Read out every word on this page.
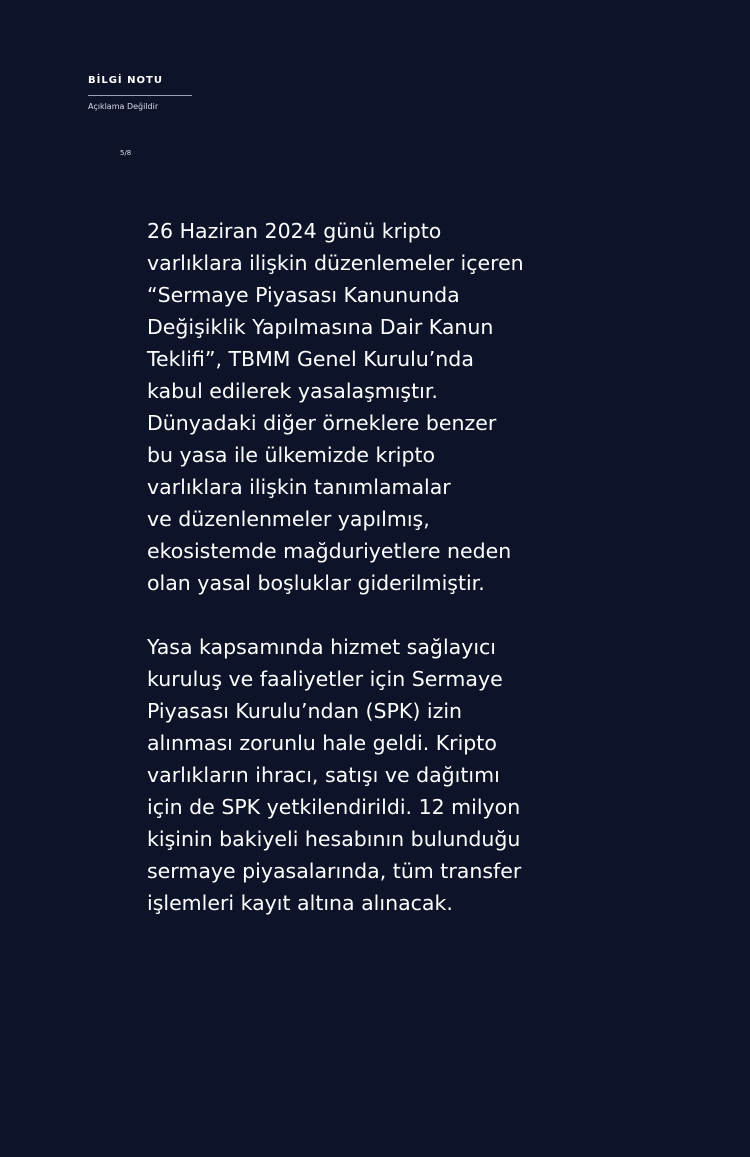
BİLGİ NOTU
Açıklama Değildir
5/8

26 Haziran 2024 günü kripto
varlıklara ilişkin düzenlemeler içeren
“Sermaye Piyasası Kanununda
Değişiklik Yapılmasına Dair Kanun
Teklifi”, TBMM Genel Kurulu’nda
kabul edilerek yasalaşmıştır.
Dünyadaki diğer örneklere benzer
bu yasa ile ülkemizde kripto
varlıklara ilişkin tanımlamalar
ve düzenlenmeler yapılmış,
ekosistemde mağduriyetlere neden
olan yasal boşluklar giderilmiştir.

Yasa kapsamında hizmet sağlayıcı
kuruluş ve faaliyetler için Sermaye
Piyasası Kurulu’ndan (SPK) izin
alınması zorunlu hale geldi. Kripto
varlıkların ihracı, satışı ve dağıtımı
için de SPK yetkilendirildi. 12 milyon
kişinin bakiyeli hesabının bulunduğu
sermaye piyasalarında, tüm transfer
işlemleri kayıt altına alınacak.
